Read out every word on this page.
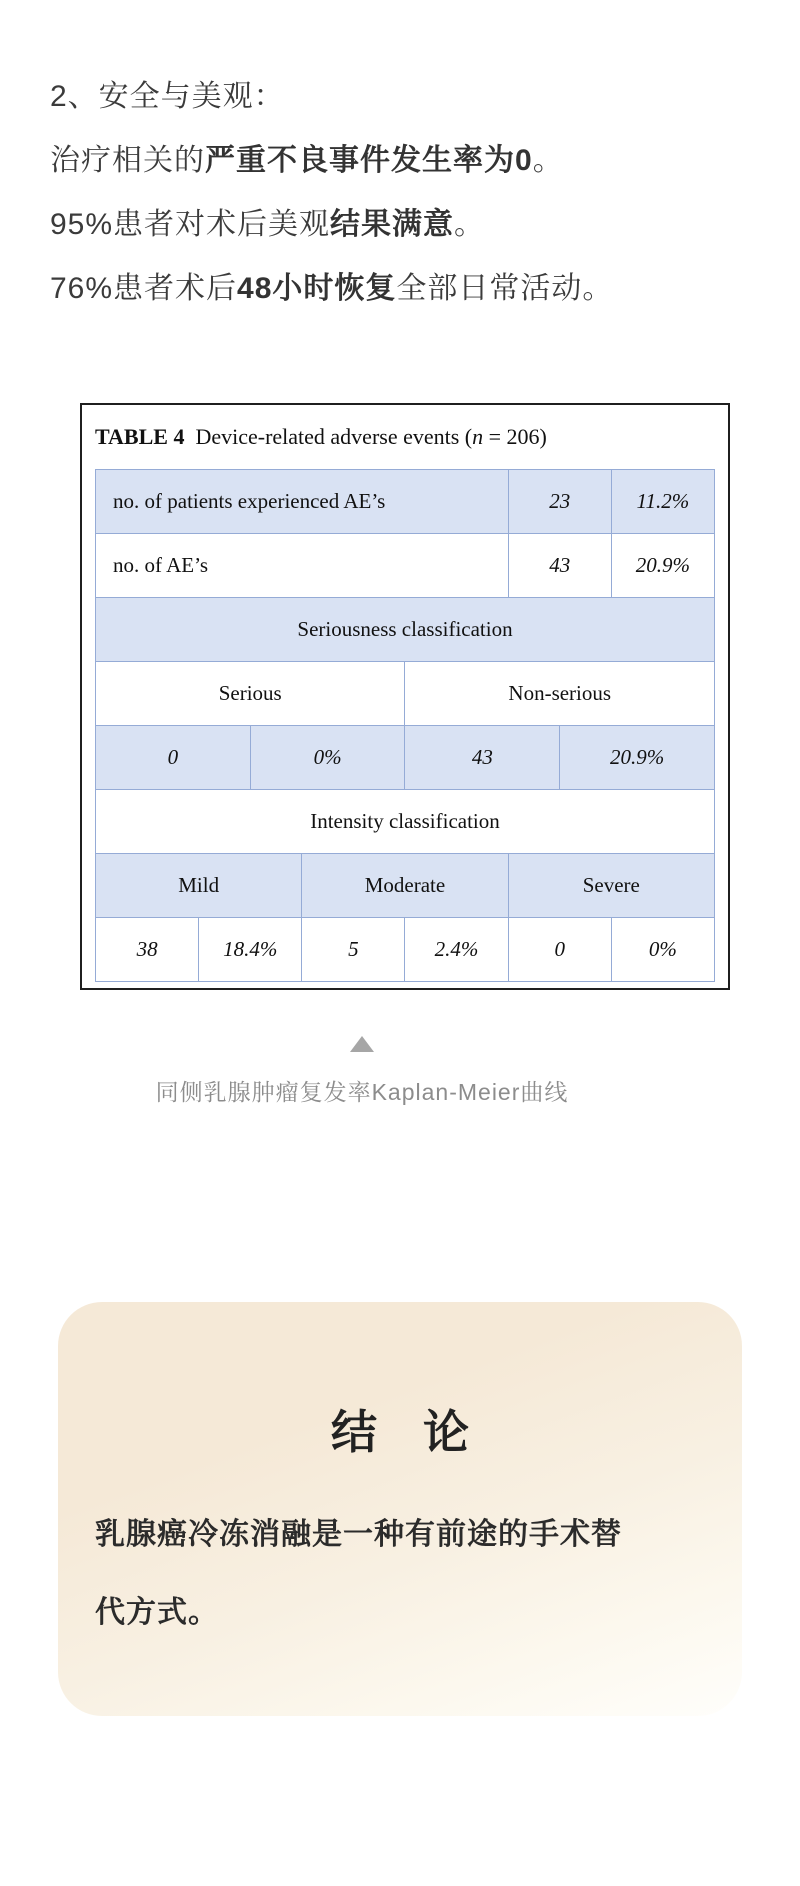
2、安全与美观：
治疗相关的严重不良事件发生率为0。
95%患者对术后美观结果满意。
76%患者术后48小时恢复全部日常活动。
TABLE 4 Device-related adverse events ( n = 206)
no. of patients experienced AE’s					23		11.2%
no. of AE’s					43		20.9%
Seriousness classification							
Serious				Non-serious			
0		0%		43		20.9%	
Intensity classification							
Mild			Moderate		Severe		
38	18.4%		5	2.4%	0		0%
同侧乳腺肿瘤复发率Kaplan-Meier曲线
结　论
乳腺癌冷冻消融是一种有前途的手术替
代方式。
